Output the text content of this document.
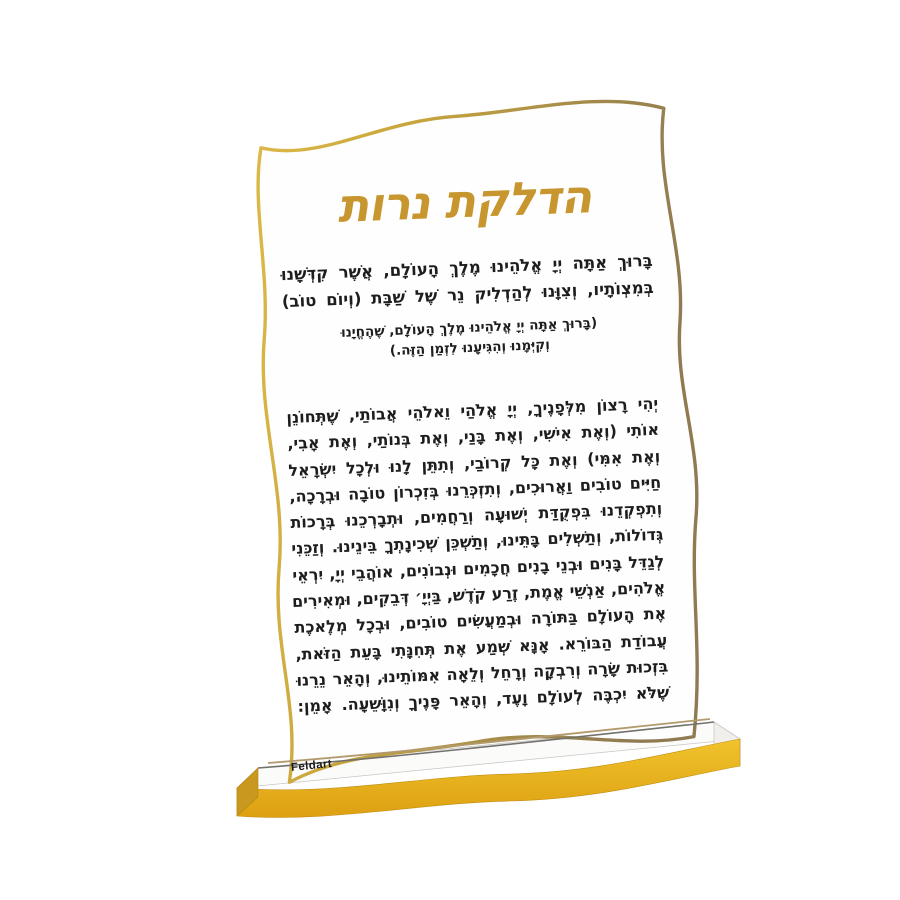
הדלקת נרות
בָּרוּךְ אַתָּה יְיָ אֱלֹהֵינוּ מֶלֶךְ הָעוֹלָם, אֲשֶׁר קִדְּשָׁנוּ
בְּמִצְוֹתָיו, וְצִוָּנוּ לְהַדְלִיק נֵר שֶׁל שַׁבָּת (וְיוֹם טוֹב)
(בָּרוּךְ אַתָּה יְיָ אֱלֹהֵינוּ מֶלֶךְ הָעוֹלָם, שֶׁהֶחֱיָנוּ
וְקִיְּמָנוּ וְהִגִּיעָנוּ לִזְמַן הַזֶּה.)
יְהִי רָצוֹן מִלְּפָנֶיךָ, יְיָ אֱלֹהַי וֵאלֹהֵי אֲבוֹתַי, שֶׁתְּחוֹנֵן
אוֹתִי (וְאֶת אִישִׁי, וְאֶת בָּנַי, וְאֶת בְּנוֹתַי, וְאֶת אָבִי,
וְאֶת אִמִּי) וְאֶת כָּל קְרוֹבַי, וְתִתֵּן לָנוּ וּלְכָל יִשְׂרָאֵל
חַיִּים טוֹבִים וַאֲרוּכִים, וְתִזְכְּרֵנוּ בְּזִכְרוֹן טוֹבָה וּבְרָכָה,
וְתִפְקְדֵנוּ בִּפְקֻדַּת יְשׁוּעָה וְרַחֲמִים, וּתְבָרְכֵנוּ בְּרָכוֹת
גְּדוֹלוֹת, וְתַשְׁלִים בָּתֵּינוּ, וְתַשְׁכֵּן שְׁכִינָתְךָ בֵּינֵינוּ. וְזַכֵּנִי
לְגַדֵּל בָּנִים וּבְנֵי בָנִים חֲכָמִים וּנְבוֹנִים, אוֹהֲבֵי יְיָ, יִרְאֵי
אֱלֹהִים, אַנְשֵׁי אֱמֶת, זֶרַע קֹדֶשׁ, בַּיְיָ׳ דְּבֵקִים, וּמְאִירִים
אֶת הָעוֹלָם בַּתּוֹרָה וּבְמַעֲשִׂים טוֹבִים, וּבְכָל מְלֶאכֶת
עֲבוֹדַת הַבּוֹרֵא. אָנָּא שְׁמַע אֶת תְּחִנָּתִי בָּעֵת הַזֹּאת,
בִּזְכוּת שָׂרָה וְרִבְקָה וְרָחֵל וְלֵאָה אִמּוֹתֵינוּ, וְהָאֵר נֵרֵנוּ
שֶׁלֹּא יִכְבֶּה לְעוֹלָם וָעֶד, וְהָאֵר פָּנֶיךָ וְנִוָּשֵׁעָה. אָמֵן:
Feldart
